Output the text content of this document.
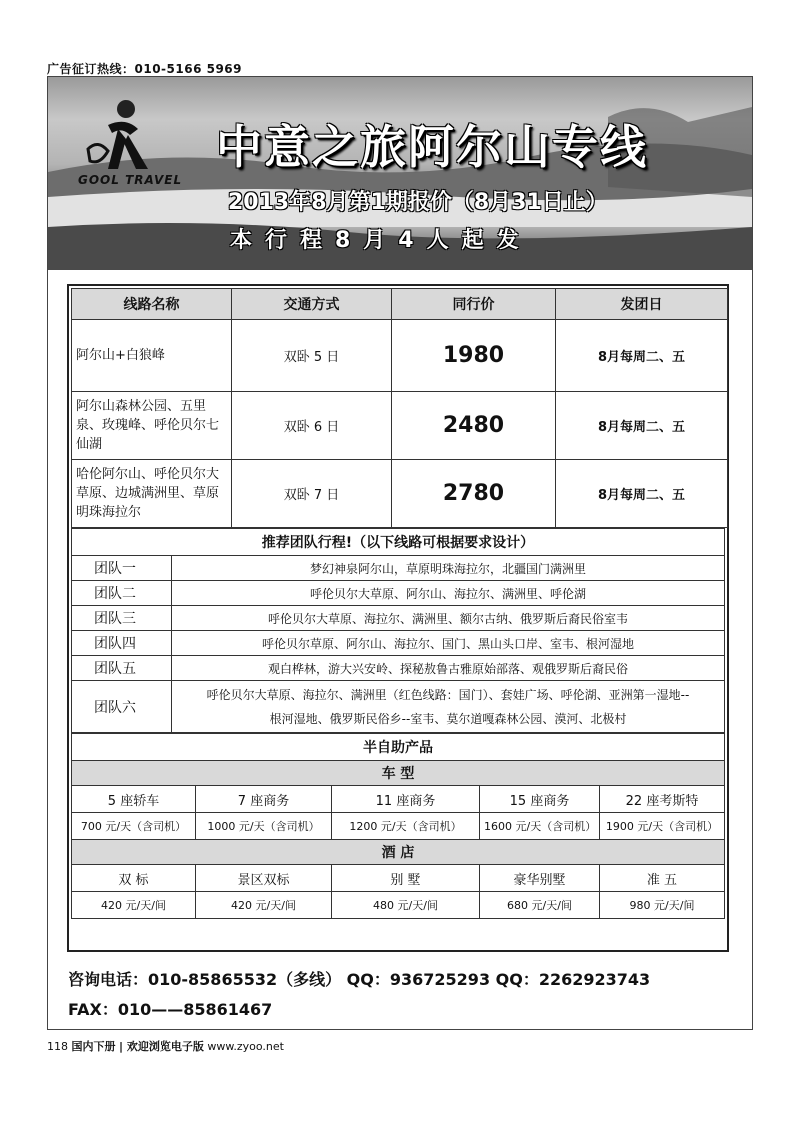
广告征订热线：010-5166 5969
GOOL TRAVEL
中意之旅阿尔山专线
2013年8月第1期报价（8月31日止）
本行程8月4人起发
线路名称	交通方式	同行价	发团日
阿尔山+白狼峰	双卧 5 日	1980	8月每周二、五
阿尔山森林公园、五里泉、玫瑰峰、呼伦贝尔七仙湖	双卧 6 日	2480	8月每周二、五
哈伦阿尔山、呼伦贝尔大草原、边城满洲里、草原明珠海拉尔	双卧 7 日	2780	8月每周二、五
推荐团队行程!（以下线路可根据要求设计）	
团队一	梦幻神泉阿尔山，草原明珠海拉尔，北疆国门满洲里
团队二	呼伦贝尔大草原、阿尔山、海拉尔、满洲里、呼伦湖
团队三	呼伦贝尔大草原、海拉尔、满洲里、额尔古纳、俄罗斯后裔民俗室韦
团队四	呼伦贝尔草原、阿尔山、海拉尔、国门、黑山头口岸、室韦、根河湿地
团队五	观白桦林，游大兴安岭、探秘敖鲁古雅原始部落、观俄罗斯后裔民俗
团队六	呼伦贝尔大草原、海拉尔、满洲里（红色线路：国门）、套娃广场、呼伦湖、亚洲第一湿地--
根河湿地、俄罗斯民俗乡--室韦、莫尔道嘎森林公园、漠河、北极村
半自助产品				
车 型				
5 座轿车	7 座商务	11 座商务	15 座商务	22 座考斯特
700 元/天（含司机）	1000 元/天（含司机）	1200 元/天（含司机）	1600 元/天（含司机）	1900 元/天（含司机）
酒 店				
双 标	景区双标	别 墅	豪华别墅	准 五
420 元/天/间	420 元/天/间	480 元/天/间	680 元/天/间	980 元/天/间
咨询电话：010-85865532（多线） QQ：936725293 QQ：2262923743
FAX：010——85861467
118 国内下册 | 欢迎浏览电子版 www.zyoo.net
